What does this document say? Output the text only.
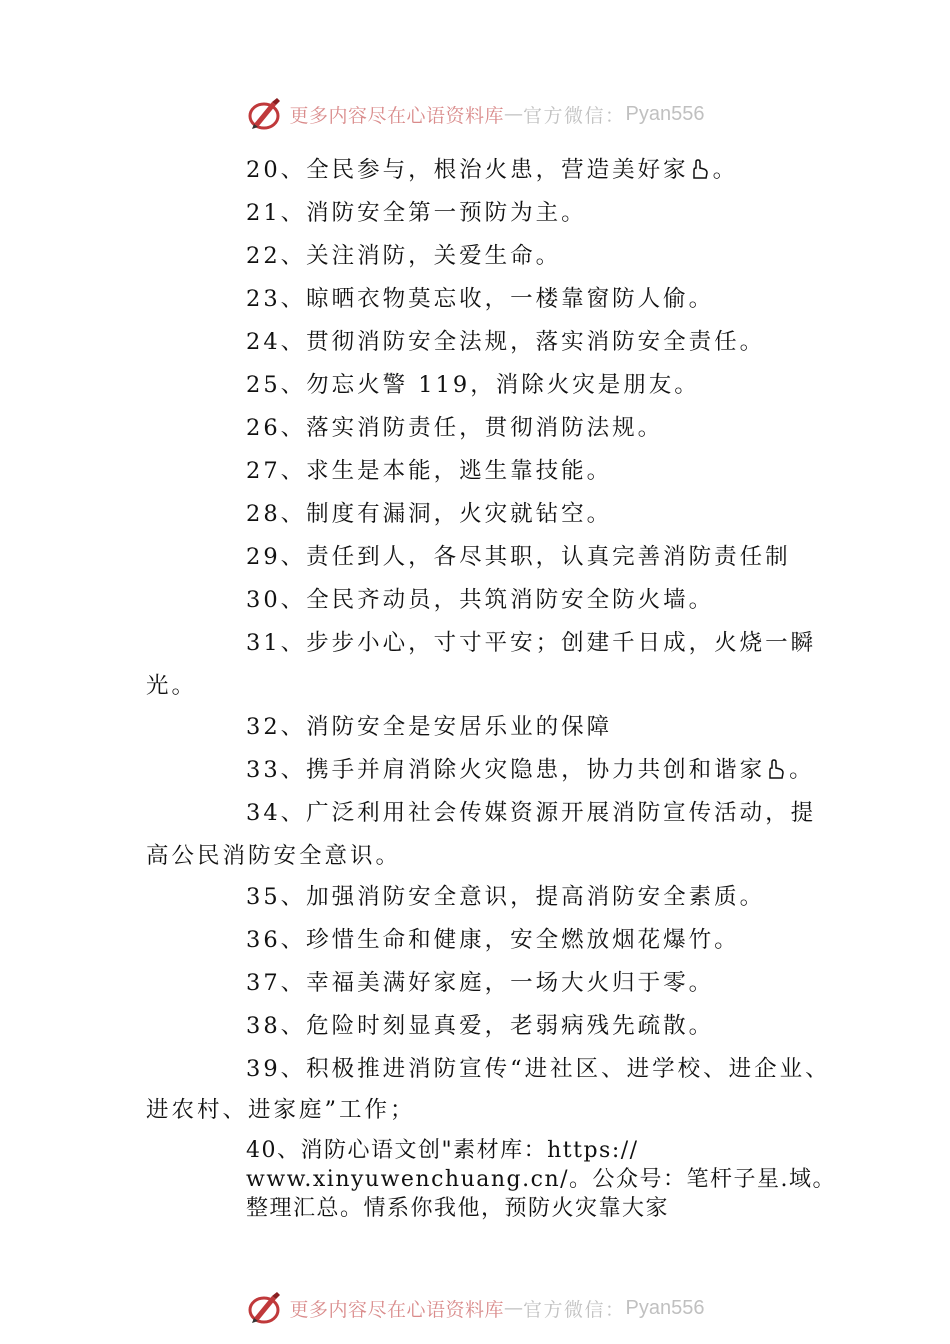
更多内容尽在心语资料库 — 官方微信： Pyan556

20、全民参与，根治火患，营造美好家 。

21、消防安全第一预防为主。

22、关注消防，关爱生命。

23、晾晒衣物莫忘收，一楼靠窗防人偷。

24、贯彻消防安全法规，落实消防安全责任。

25、勿忘火警 119，消除火灾是朋友。

26、落实消防责任，贯彻消防法规。

27、求生是本能，逃生靠技能。

28、制度有漏洞，火灾就钻空。

29、责任到人，各尽其职，认真完善消防责任制

30、全民齐动员，共筑消防安全防火墙。

31、步步小心，寸寸平安；创建千日成，火烧一瞬

光。

32、消防安全是安居乐业的保障

33、携手并肩消除火灾隐患，协力共创和谐家 。

34、广泛利用社会传媒资源开展消防宣传活动，提

高公民消防安全意识。

35、加强消防安全意识，提高消防安全素质。

36、珍惜生命和健康，安全燃放烟花爆竹。

37、幸福美满好家庭，一场大火归于零。

38、危险时刻显真爱，老弱病残先疏散。

39、积极推进消防宣传“进社区、进学校、进企业、

进农村、进家庭”工作；

40、消防心语文创"素材库：https://

www.xinyuwenchuang.cn/。公众号：笔杆子星.域。

整理汇总。情系你我他，预防火灾靠大家

更多内容尽在心语资料库 — 官方微信： Pyan556
